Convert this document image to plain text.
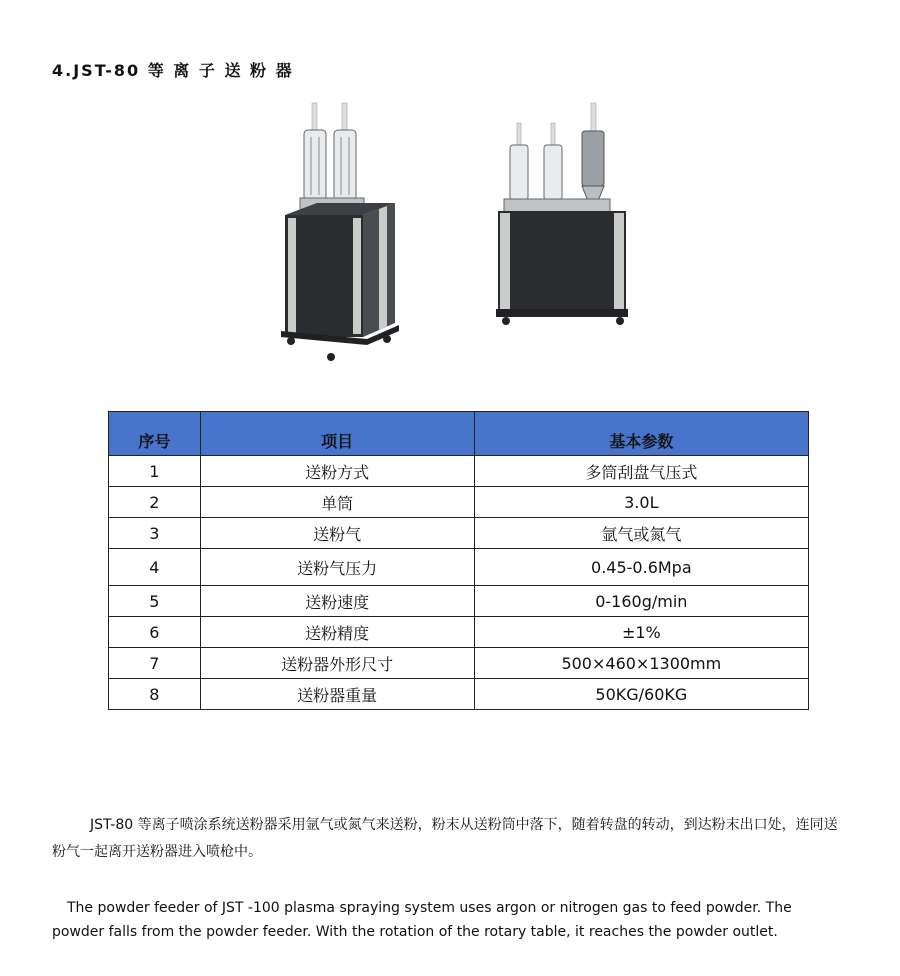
4.JST-80 等 离 子 送 粉 器
序号	项目	基本参数
1	送粉方式	多筒刮盘气压式
2	单筒	3.0L
3	送粉气	氩气或氮气
4	送粉气压力	0.45-0.6Mpa
5	送粉速度	0-160g/min
6	送粉精度	±1%
7	送粉器外形尺寸	500×460×1300mm
8	送粉器重量	50KG/60KG

JST-80 等离子喷涂系统送粉器采用氩气或氮气来送粉，粉末从送粉筒中落下，随着转盘的转动，到达粉末出口处，连同送粉气一起离开送粉器进入喷枪中。

The powder feeder of JST -100 plasma spraying system uses argon or nitrogen gas to feed powder. The powder falls from the powder feeder. With the rotation of the rotary table, it reaches the powder outlet.
